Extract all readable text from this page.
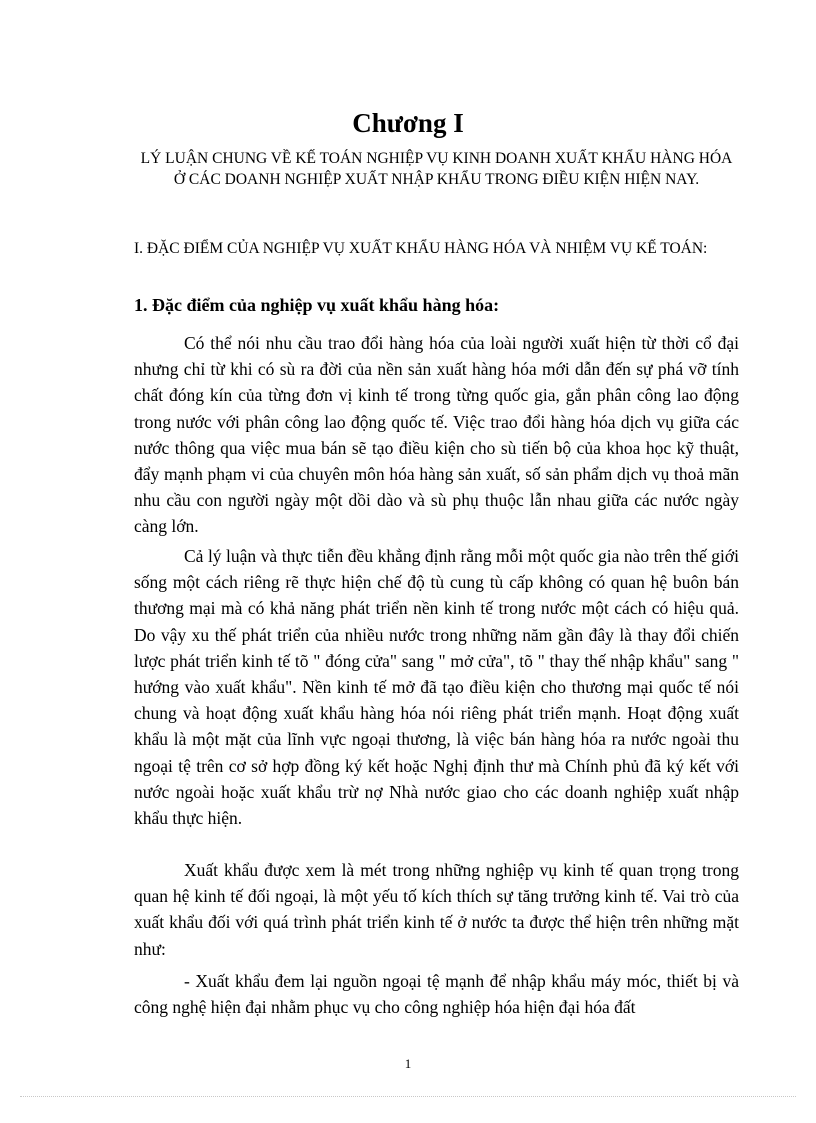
Chương I
LÝ LUẬN CHUNG VỀ KẾ TOÁN NGHIỆP VỤ KINH DOANH XUẤT KHẨU HÀNG HÓA Ở CÁC DOANH NGHIỆP XUẤT NHẬP KHẨU TRONG ĐIỀU KIỆN HIỆN NAY.
I. ĐẶC ĐIỂM CỦA NGHIỆP VỤ XUẤT KHẨU HÀNG HÓA VÀ NHIỆM VỤ KẾ TOÁN:
1. Đặc điểm của nghiệp vụ xuất khẩu hàng hóa:

Có thể nói nhu cầu trao đổi hàng hóa của loài người xuất hiện từ thời cổ đại nhưng chỉ từ khi có sù ra đời của nền sản xuất hàng hóa mới dẫn đến sự phá vỡ tính chất đóng kín của từng đơn vị kinh tế trong từng quốc gia, gắn phân công lao động trong nước với phân công lao động quốc tế. Việc trao đổi hàng hóa dịch vụ giữa các nước thông qua việc mua bán sẽ tạo điều kiện cho sù tiến bộ của khoa học kỹ thuật, đẩy mạnh phạm vi của chuyên môn hóa hàng sản xuất, số sản phẩm dịch vụ thoả mãn nhu cầu con người ngày một dồi dào và sù phụ thuộc lẫn nhau giữa các nước ngày càng lớn.

Cả lý luận và thực tiễn đều khẳng định rằng mỗi một quốc gia nào trên thế giới sống một cách riêng rẽ thực hiện chế độ tù cung tù cấp không có quan hệ buôn bán thương mại mà có khả năng phát triển nền kinh tế trong nước một cách có hiệu quả. Do vậy xu thế phát triển của nhiều nước trong những năm gần đây là thay đổi chiến lược phát triển kinh tế tõ " đóng cửa" sang " mở cửa", tõ " thay thế nhập khẩu" sang " hướng vào xuất khẩu". Nền kinh tế mở đã tạo điều kiện cho thương mại quốc tế nói chung và hoạt động xuất khẩu hàng hóa nói riêng phát triển mạnh. Hoạt động xuất khẩu là một mặt của lĩnh vực ngoại thương, là việc bán hàng hóa ra nước ngoài thu ngoại tệ trên cơ sở hợp đồng ký kết hoặc Nghị định thư mà Chính phủ đã ký kết với nước ngoài hoặc xuất khẩu trừ nợ Nhà nước giao cho các doanh nghiệp xuất nhập khẩu thực hiện.

Xuất khẩu được xem là mét trong những nghiệp vụ kinh tế quan trọng trong quan hệ kinh tế đối ngoại, là một yếu tố kích thích sự tăng trưởng kinh tế. Vai trò của xuất khẩu đối với quá trình phát triển kinh tế ở nước ta được thể hiện trên những mặt như:

- Xuất khẩu đem lại nguồn ngoại tệ mạnh để nhập khẩu máy móc, thiết bị và công nghệ hiện đại nhằm phục vụ cho công nghiệp hóa hiện đại hóa đất

1
